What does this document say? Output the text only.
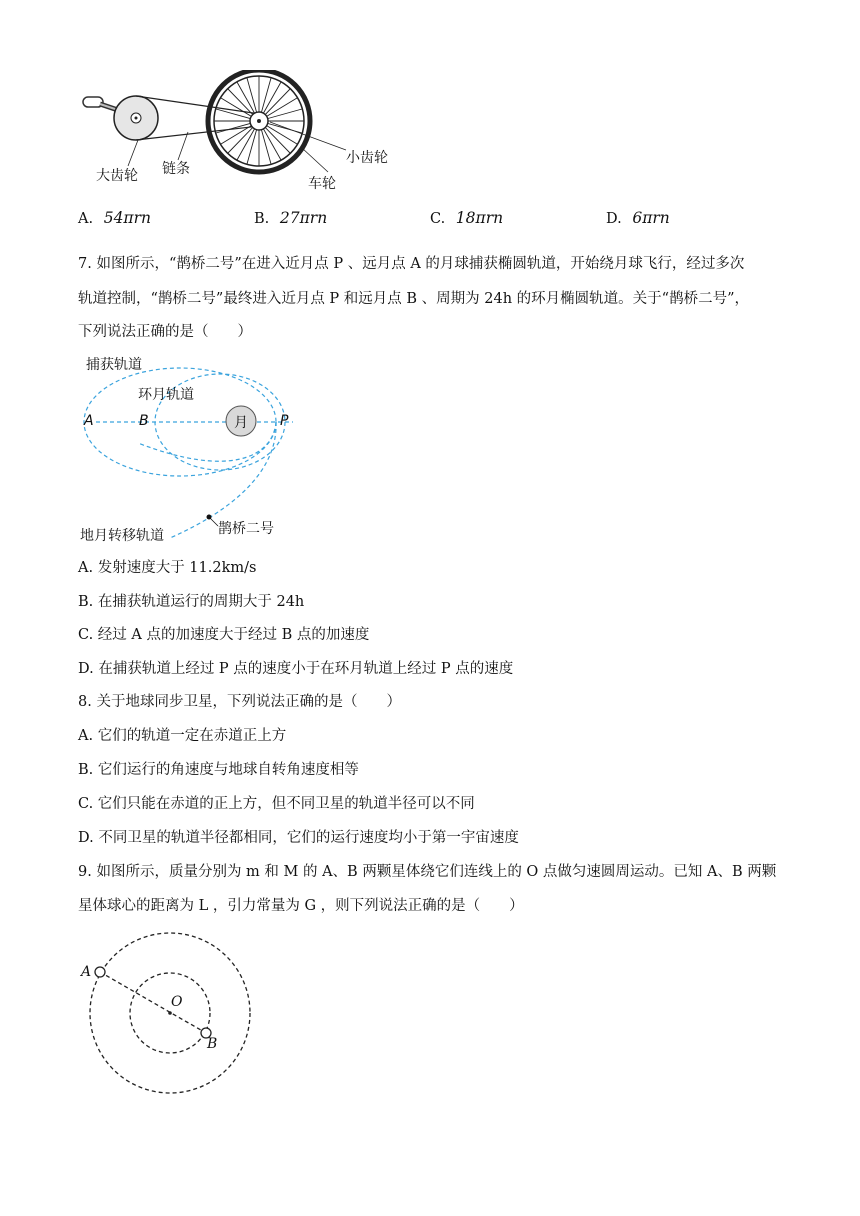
大齿轮 链条
小齿轮
车轮
A. 54πrn	B. 27πrn	C. 18πrn	D. 6πrn
7. 如图所示，“鹊桥二号”在进入近月点 P 、远月点 A 的月球捕获椭圆轨道，开始绕月球飞行，经过多次
轨道控制，“鹊桥二号”最终进入近月点 P 和远月点 B 、周期为 24h 的环月椭圆轨道。关于“鹊桥二号”，
下列说法正确的是（　　）
捕获轨道
环月轨道
月
A	B	P
地月转移轨道	鹊桥二号
A. 发射速度大于 11.2km/s
B. 在捕获轨道运行的周期大于 24h
C. 经过 A 点的加速度大于经过 B 点的加速度
D. 在捕获轨道上经过 P 点的速度小于在环月轨道上经过 P 点的速度
8. 关于地球同步卫星，下列说法正确的是（　　）
A. 它们的轨道一定在赤道正上方
B. 它们运行的角速度与地球自转角速度相等
C. 它们只能在赤道的正上方，但不同卫星的轨道半径可以不同
D. 不同卫星的轨道半径都相同，它们的运行速度均小于第一宇宙速度
9. 如图所示，质量分别为 m 和 M 的 A、B 两颗星体绕它们连线上的 O 点做匀速圆周运动。已知 A、B 两颗
星体球心的距离为 L ，引力常量为 G ，则下列说法正确的是（　　）
A
O
B
